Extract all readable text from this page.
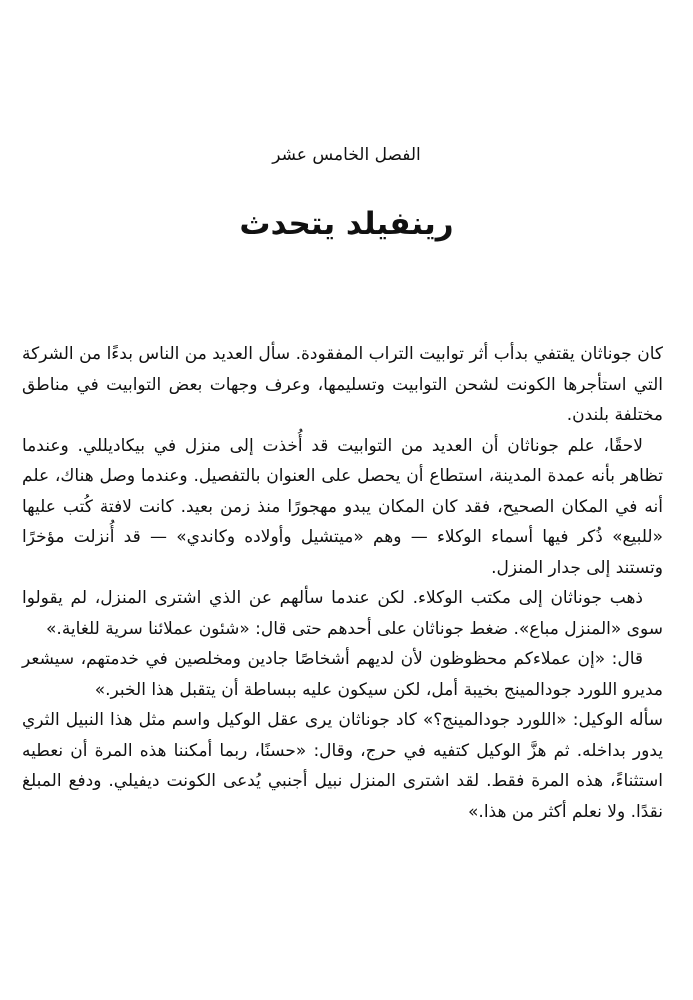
الفصل الخامس عشر
رينفيلد يتحدث

كان جوناثان يقتفي بدأب أثر توابيت التراب المفقودة. سأل العديد من الناس بدءًا من الشركة التي استأجرها الكونت لشحن التوابيت وتسليمها، وعرف وجهات بعض التوابيت في مناطق مختلفة بلندن.

لاحقًا، علم جوناثان أن العديد من التوابيت قد أُخذت إلى منزل في بيكاديللي. وعندما تظاهر بأنه عمدة المدينة، استطاع أن يحصل على العنوان بالتفصيل. وعندما وصل هناك، علم أنه في المكان الصحيح، فقد كان المكان يبدو مهجورًا منذ زمن بعيد. كانت لافتة كُتب عليها «للبيع» ذُكر فيها أسماء الوكلاء — وهم «ميتشيل وأولاده وكاندي» — قد أُنزلت مؤخرًا وتستند إلى جدار المنزل.

ذهب جوناثان إلى مكتب الوكلاء. لكن عندما سألهم عن الذي اشترى المنزل، لم يقولوا سوى «المنزل مباع». ضغط جوناثان على أحدهم حتى قال: «شئون عملائنا سرية للغاية.»

قال: «إن عملاءكم محظوظون لأن لديهم أشخاصًا جادين ومخلصين في خدمتهم، سيشعر مديرو اللورد جودالمينج بخيبة أمل، لكن سيكون عليه ببساطة أن يتقبل هذا الخبر.»

سأله الوكيل: «اللورد جودالمينج؟» كاد جوناثان يرى عقل الوكيل واسم مثل هذا النبيل الثري يدور بداخله. ثم هزَّ الوكيل كتفيه في حرج، وقال: «حسنًا، ربما أمكننا هذه المرة أن نعطيه استثناءً، هذه المرة فقط. لقد اشترى المنزل نبيل أجنبي يُدعى الكونت ديفيلي. ودفع المبلغ نقدًا. ولا نعلم أكثر من هذا.»
